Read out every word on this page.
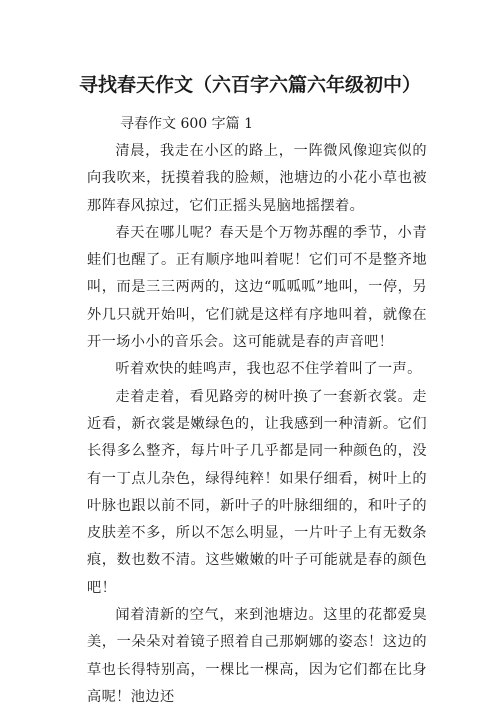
寻找春天作文（六百字六篇六年级初中）

寻春作文 600 字篇 1

清晨，我走在小区的路上，一阵微风像迎宾似的向我吹来，抚摸着我的脸颊，池塘边的小花小草也被那阵春风掠过，它们正摇头晃脑地摇摆着。

春天在哪儿呢？春天是个万物苏醒的季节，小青蛙们也醒了。正有顺序地叫着呢！它们可不是整齐地叫，而是三三两两的，这边“呱呱呱”地叫，一停，另外几只就开始叫，它们就是这样有序地叫着，就像在开一场小小的音乐会。这可能就是春的声音吧！

听着欢快的蛙鸣声，我也忍不住学着叫了一声。

走着走着，看见路旁的树叶换了一套新衣裳。走近看，新衣裳是嫩绿色的，让我感到一种清新。它们长得多么整齐，每片叶子几乎都是同一种颜色的，没有一丁点儿杂色，绿得纯粹！如果仔细看，树叶上的叶脉也跟以前不同，新叶子的叶脉细细的，和叶子的皮肤差不多，所以不怎么明显，一片叶子上有无数条痕，数也数不清。这些嫩嫩的叶子可能就是春的颜色吧！

闻着清新的空气，来到池塘边。这里的花都爱臭美，一朵朵对着镜子照着自己那婀娜的姿态！这边的草也长得特别高，一棵比一棵高，因为它们都在比身高呢！池边还
